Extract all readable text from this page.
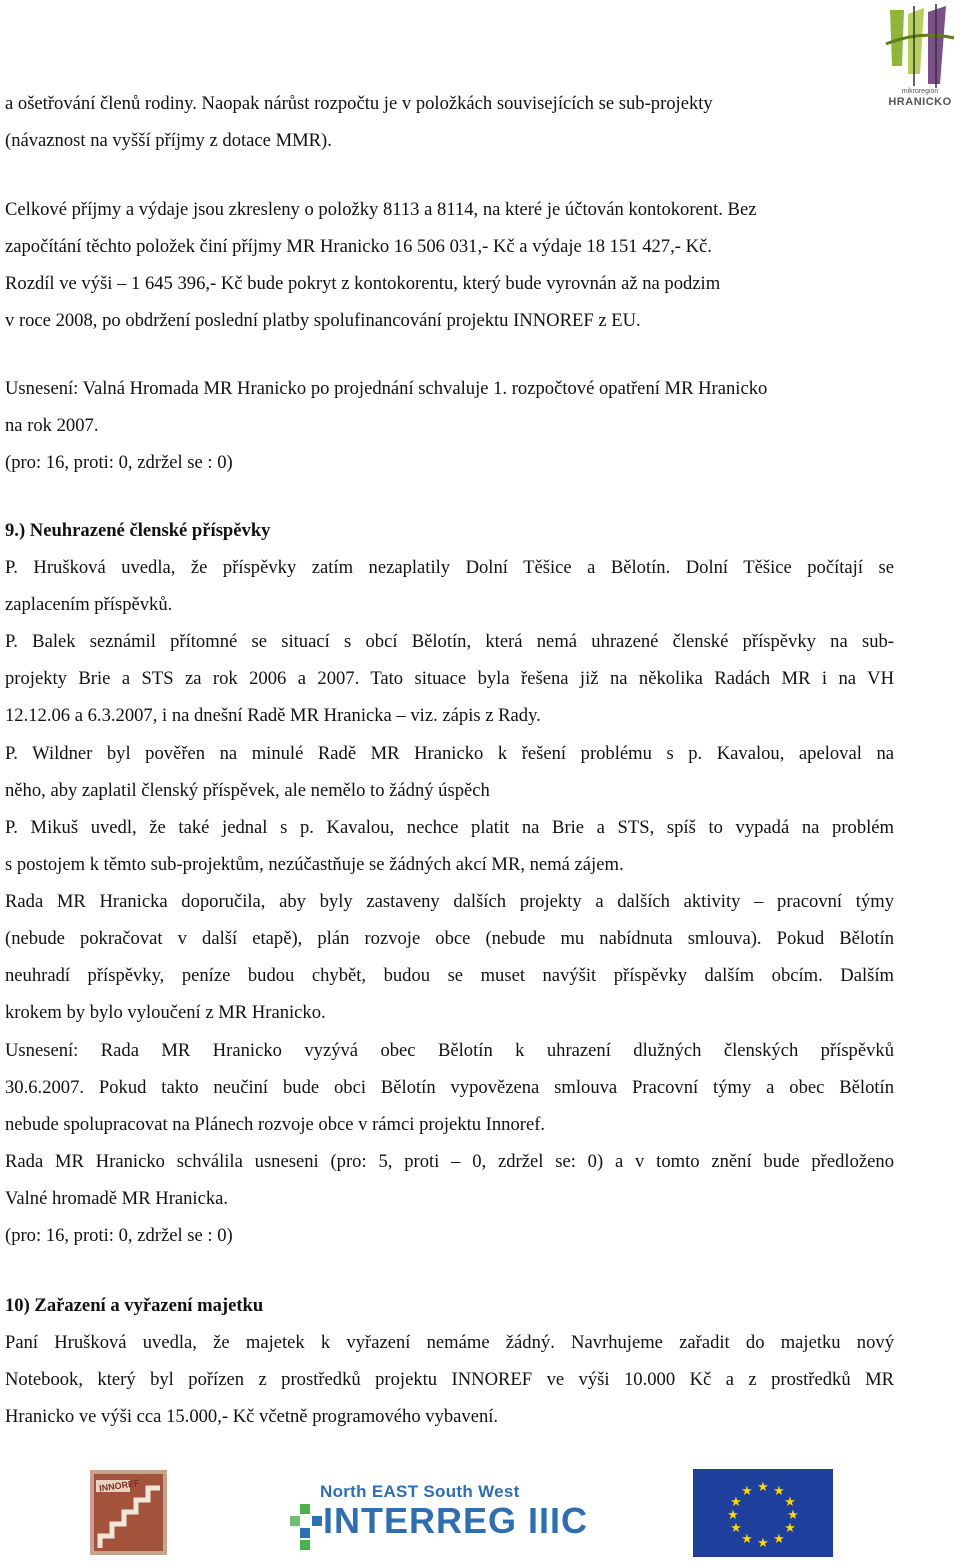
mikroregion
HRANICKO
a ošetřování členů rodiny. Naopak nárůst rozpočtu je v položkách souvisejících se sub-projekty
(návaznost na vyšší příjmy z dotace MMR).
Celkové příjmy a výdaje jsou zkresleny o položky 8113 a 8114, na které je účtován kontokorent. Bez
započítání těchto položek činí příjmy MR Hranicko 16 506 031,- Kč a výdaje 18 151 427,- Kč.
Rozdíl ve výši – 1 645 396,- Kč bude pokryt z kontokorentu, který bude vyrovnán až na podzim
v roce 2008, po obdržení poslední platby spolufinancování projektu INNOREF z EU.
Usnesení: Valná Hromada MR Hranicko po projednání schvaluje 1. rozpočtové opatření MR Hranicko
na rok 2007.
(pro: 16, proti: 0, zdržel se : 0)
9.) Neuhrazené členské příspěvky
P. Hrušková uvedla, že příspěvky zatím nezaplatily Dolní Těšice a Bělotín. Dolní Těšice počítají se
zaplacením příspěvků.
P. Balek seznámil přítomné se situací s obcí Bělotín, která nemá uhrazené členské příspěvky na sub-
projekty Brie a STS za rok 2006 a 2007. Tato situace byla řešena již na několika Radách MR i na VH
12.12.06 a 6.3.2007, i na dnešní Radě MR Hranicka – viz. zápis z Rady.
P. Wildner byl pověřen na minulé Radě MR Hranicko k řešení problému s p. Kavalou, apeloval na
něho, aby zaplatil členský příspěvek, ale nemělo to žádný úspěch
P. Mikuš uvedl, že také jednal s p. Kavalou, nechce platit na Brie a STS, spíš to vypadá na problém
s postojem k těmto sub-projektům, nezúčastňuje se žádných akcí MR, nemá zájem.
Rada MR Hranicka doporučila, aby byly zastaveny dalších projekty a dalších aktivity – pracovní týmy
(nebude pokračovat v další etapě), plán rozvoje obce (nebude mu nabídnuta smlouva). Pokud Bělotín
neuhradí příspěvky, peníze budou chybět, budou se muset navýšit příspěvky dalším obcím. Dalším
krokem by bylo vyloučení z MR Hranicko.
Usnesení: Rada MR Hranicko vyzývá obec Bělotín k uhrazení dlužných členských příspěvků
30.6.2007. Pokud takto neučiní bude obci Bělotín vypovězena smlouva Pracovní týmy a obec Bělotín
nebude spolupracovat na Plánech rozvoje obce v rámci projektu Innoref.
Rada MR Hranicko schválila usneseni (pro: 5, proti – 0, zdržel se: 0) a v tomto znění bude předloženo
Valné hromadě MR Hranicka.
(pro: 16, proti: 0, zdržel se : 0)
10) Zařazení a vyřazení majetku
Paní Hrušková uvedla, že majetek k vyřazení nemáme žádný. Navrhujeme zařadit do majetku nový
Notebook, který byl pořízen z prostředků projektu INNOREF ve výši 10.000 Kč a z prostředků MR
Hranicko ve výši cca 15.000,- Kč včetně programového vybavení.
INNOREF	North EAST South West
INTERREG IIIC
★ ★
★
★
★
★
★
★
★
★
★
★
